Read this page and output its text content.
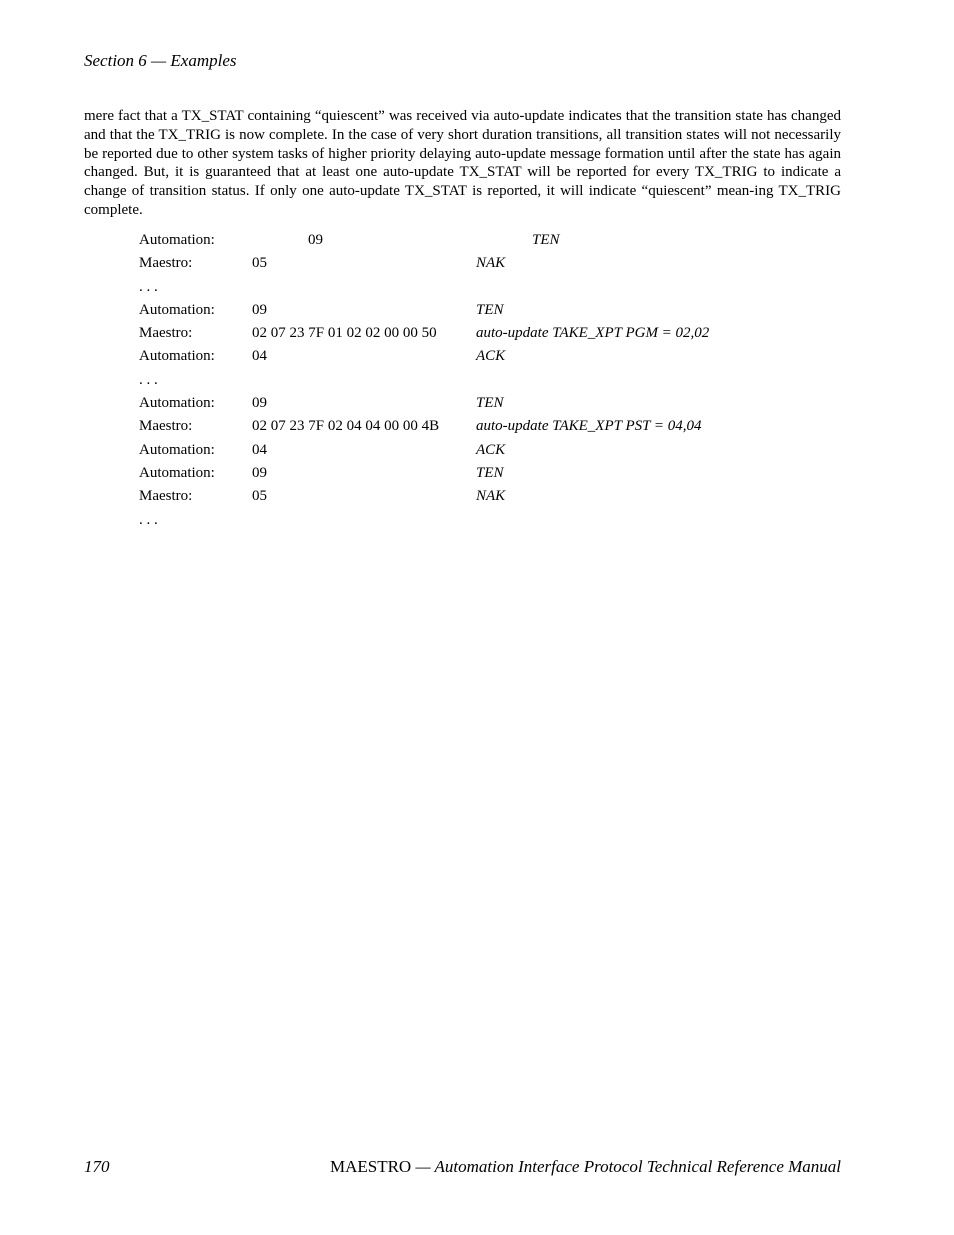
Section 6 — Examples
mere fact that a TX_STAT containing “quiescent” was received via auto-update indicates that the transition state has changed and that the TX_TRIG is now complete. In the case of very short duration transitions, all transition states will not necessarily be reported due to other system tasks of higher priority delaying auto-update message formation until after the state has again changed. But, it is guaranteed that at least one auto-update TX_STAT will be reported for every TX_TRIG to indicate a change of transition status. If only one auto-update TX_STAT is reported, it will indicate “quiescent” mean-ing TX_TRIG complete.
Automation:	09	TEN
Maestro:	05	NAK
. . .
Automation: 09	TEN
Maestro:	02 07 23 7F 01 02 02 00 00 50	auto-update TAKE_XPT PGM = 02,02
Automation: 04	ACK
. . .
Automation: 09	TEN
Maestro:	02 07 23 7F 02 04 04 00 00 4B auto-update TAKE_XPT PST = 04,04
Automation: 04	ACK
Automation: 09	TEN
Maestro:	05	NAK
. . .
170	MAESTRO — Automation Interface Protocol Technical Reference Manual
